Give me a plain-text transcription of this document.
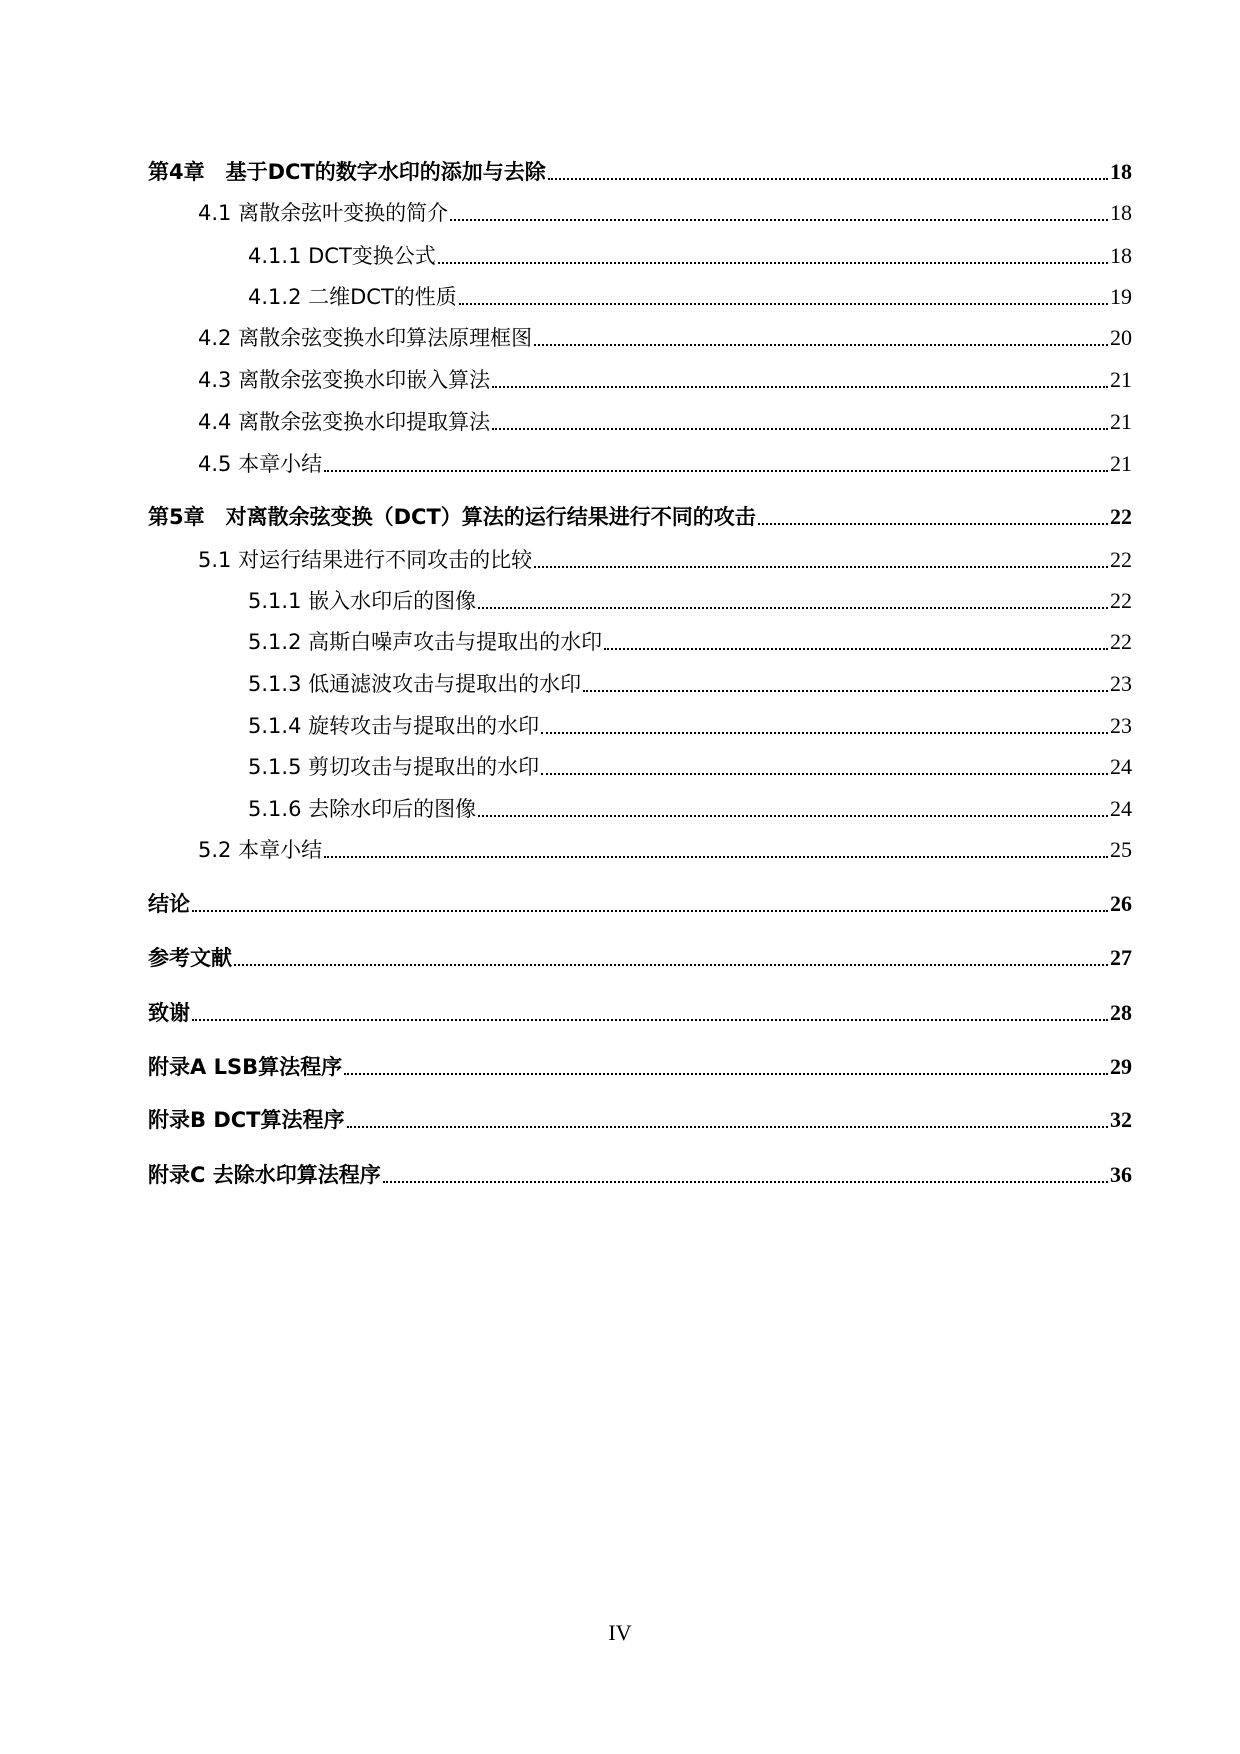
第4章　基于DCT的数字水印的添加与去除	18
4.1 离散余弦叶变换的简介	18
4.1.1 DCT变换公式	18
4.1.2 二维DCT的性质	19
4.2 离散余弦变换水印算法原理框图	20
4.3 离散余弦变换水印嵌入算法	21
4.4 离散余弦变换水印提取算法	21
4.5 本章小结	21
第5章　对离散余弦变换（DCT）算法的运行结果进行不同的攻击	22
5.1 对运行结果进行不同攻击的比较	22
5.1.1 嵌入水印后的图像	22
5.1.2 高斯白噪声攻击与提取出的水印	22
5.1.3 低通滤波攻击与提取出的水印	23
5.1.4 旋转攻击与提取出的水印	23
5.1.5 剪切攻击与提取出的水印	24
5.1.6 去除水印后的图像	24
5.2 本章小结	25
结论	26
参考文献	27
致谢	28
附录A LSB算法程序	29
附录B DCT算法程序	32
附录C 去除水印算法程序	36
IV
